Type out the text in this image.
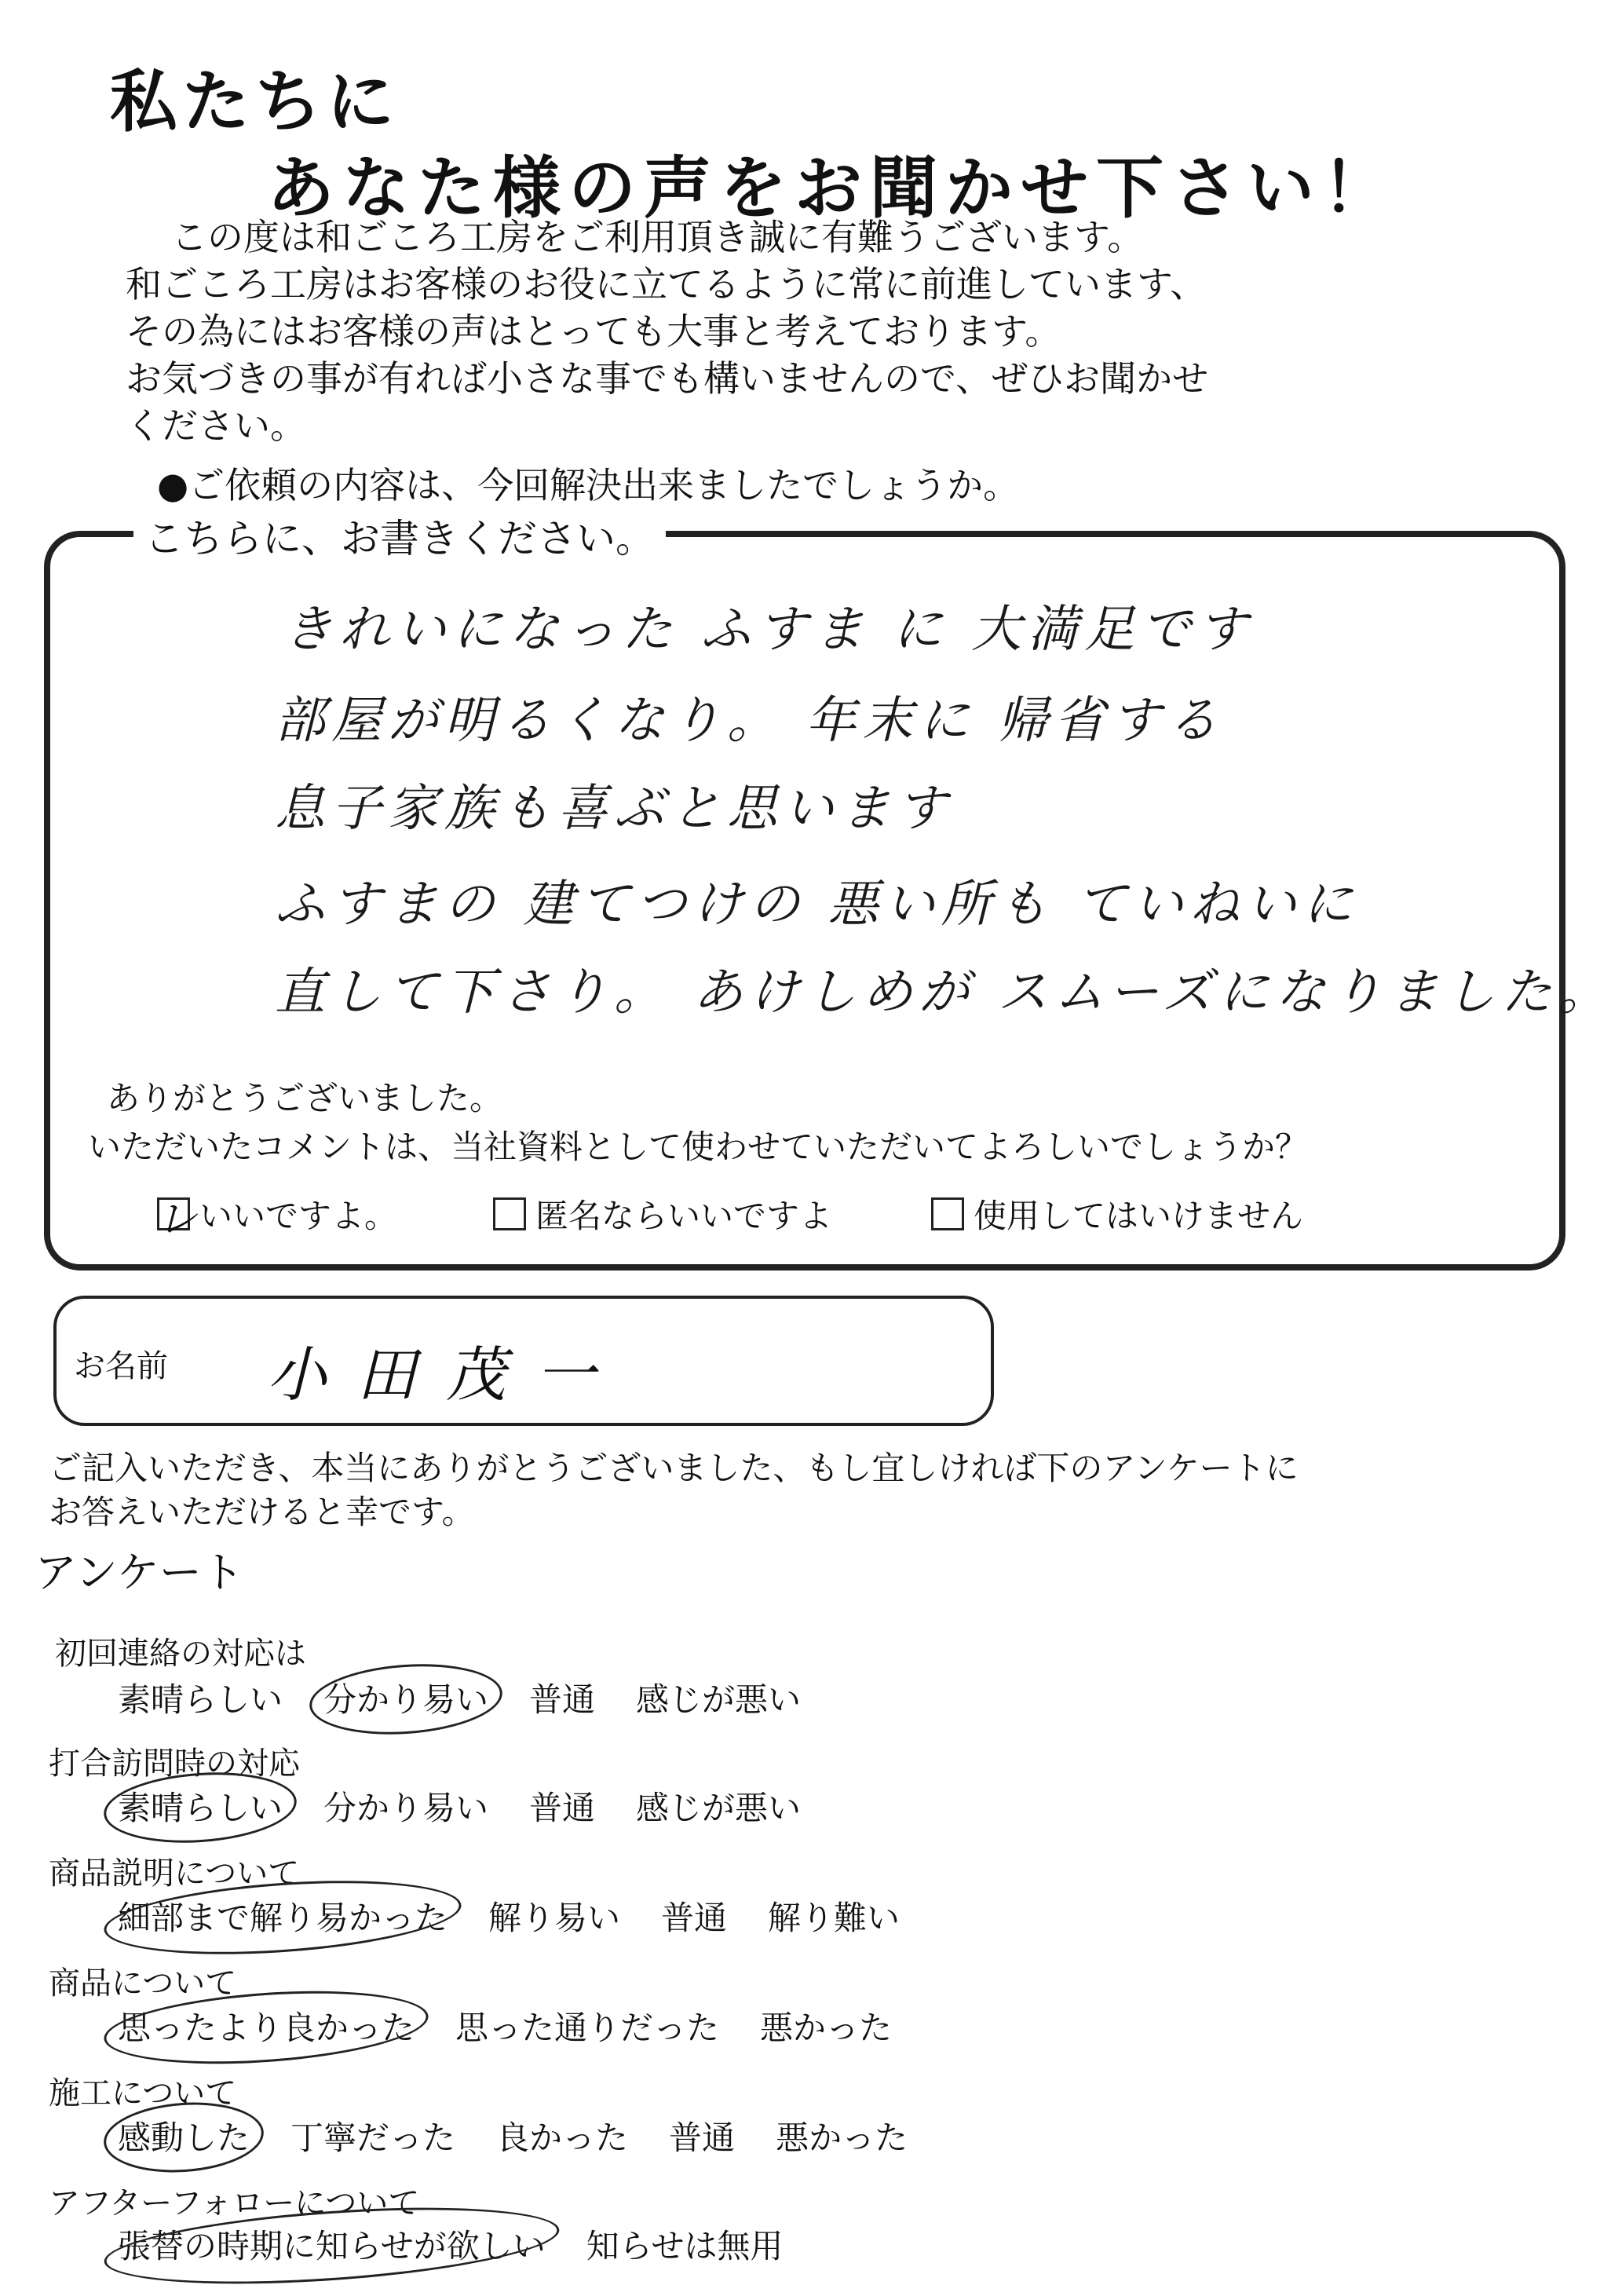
私たちに
あなた様の声をお聞かせ下さい！
この度は和ごころ工房をご利用頂き誠に有難うございます。
和ごころ工房はお客様のお役に立てるように常に前進しています、
その為にはお客様の声はとっても大事と考えております。
お気づきの事が有れば小さな事でも構いませんので、ぜひお聞かせ
ください。
●ご依頼の内容は、今回解決出来ましたでしょうか。
こちらに、お書きください。
きれいになった ふすま に 大満足です
部屋が明るくなり。 年末に 帰省する
息子家族も喜ぶと思います
ふすまの 建てつけの 悪い所も ていねいに
直して下さり。 あけしめが スムーズになりました。
ありがとうございました。
いただいたコメントは、当社資料として使わせていただいてよろしいでしょうか？
レ いいですよ。	匿名ならいいですよ	使用してはいけません
お名前 小田茂一
ご記入いただき、本当にありがとうございました、もし宜しければ下のアンケートに
お答えいただけると幸です。
アンケート
初回連絡の対応は
素晴らしい 分かり易い 普通 感じが悪い
打合訪問時の対応
素晴らしい 分かり易い 普通 感じが悪い
商品説明について
細部まで解り易かった 解り易い 普通 解り難い
商品について
思ったより良かった 思った通りだった 悪かった
施工について
感動した 丁寧だった 良かった 普通 悪かった
アフターフォローについて
張替の時期に知らせが欲しい 知らせは無用
